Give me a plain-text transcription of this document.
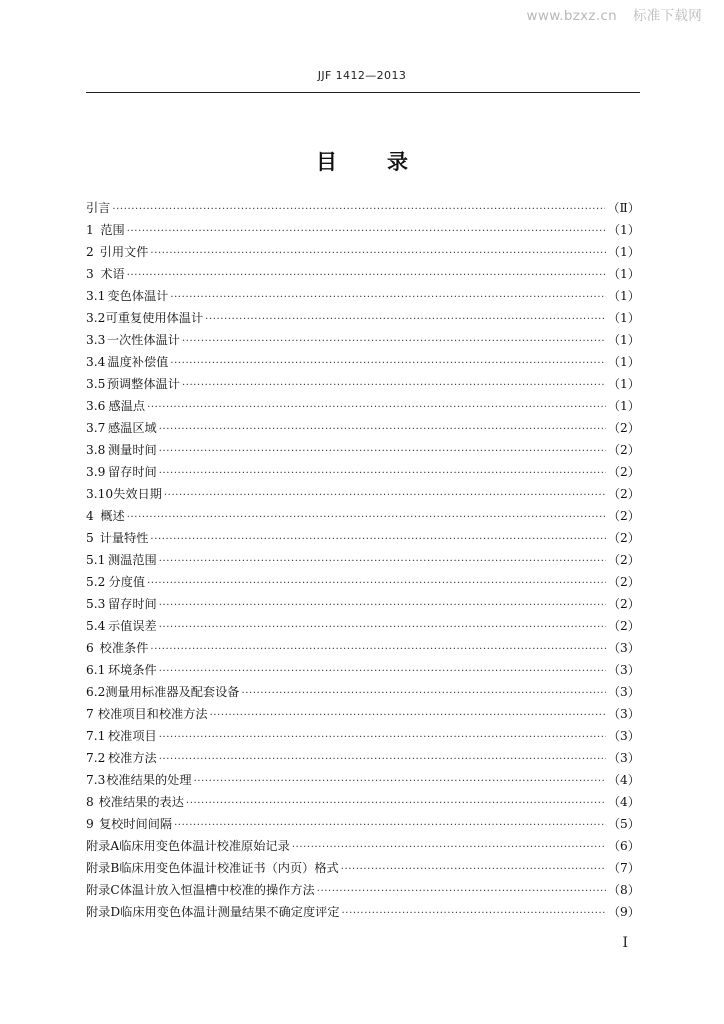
www.bzxz.cn 标准下载网
JJF 1412—2013
目 录
引言 ·····	（Ⅱ）
1 范围 ·····	（1）
2 引用文件 ·····	（1）
3 术语 ·····	（1）
3.1 变色体温计 ·····	（1）
3.2 可重复使用体温计 ·····	（1）
3.3 一次性体温计 ·····	（1）
3.4 温度补偿值 ·····	（1）
3.5 预调整体温计 ·····	（1）
3.6 感温点 ·····	（1）
3.7 感温区域 ·····	（2）
3.8 测量时间 ·····	（2）
3.9 留存时间 ·····	（2）
3.10 失效日期 ·····	（2）
4 概述 ·····	（2）
5 计量特性 ·····	（2）
5.1 测温范围 ·····	（2）
5.2 分度值 ·····	（2）
5.3 留存时间 ·····	（2）
5.4 示值误差 ·····	（2）
6 校准条件 ·····	（3）
6.1 环境条件 ·····	（3）
6.2 测量用标准器及配套设备 ·····	（3）
7 校准项目和校准方法 ·····	（3）
7.1 校准项目 ·····	（3）
7.2 校准方法 ·····	（3）
7.3 校准结果的处理 ·····	（4）
8 校准结果的表达 ·····	（4）
9 复校时间间隔 ·····	（5）
附录A 临床用变色体温计校准原始记录 ·····	（6）
附录B 临床用变色体温计校准证书（内页）格式 ·····	（7）
附录C 体温计放入恒温槽中校准的操作方法 ·····	（8）
附录D 临床用变色体温计测量结果不确定度评定 ·····	（9）
I
